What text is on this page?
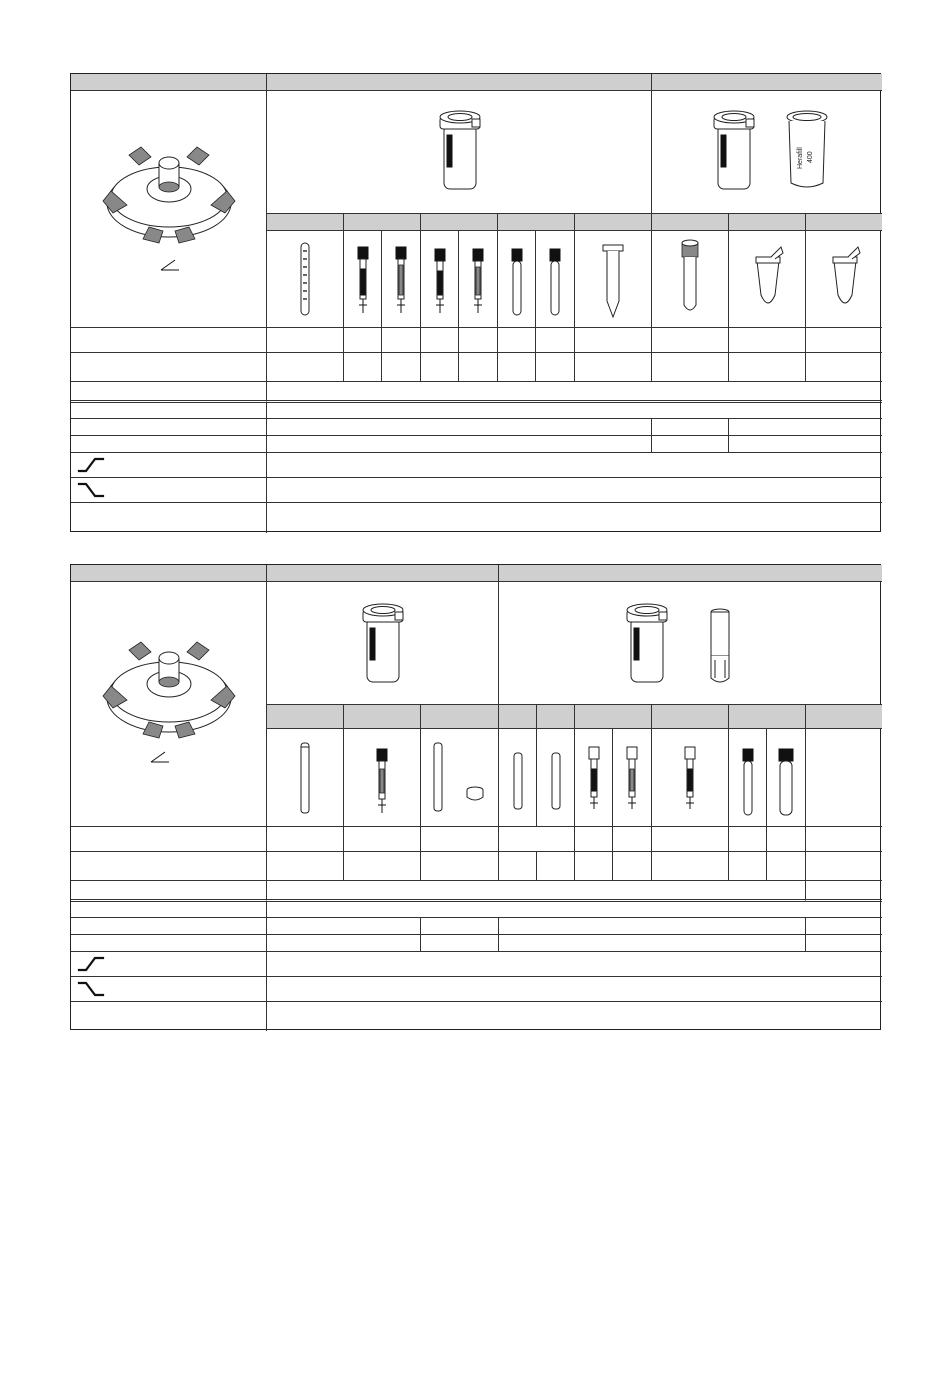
Herafill 400
